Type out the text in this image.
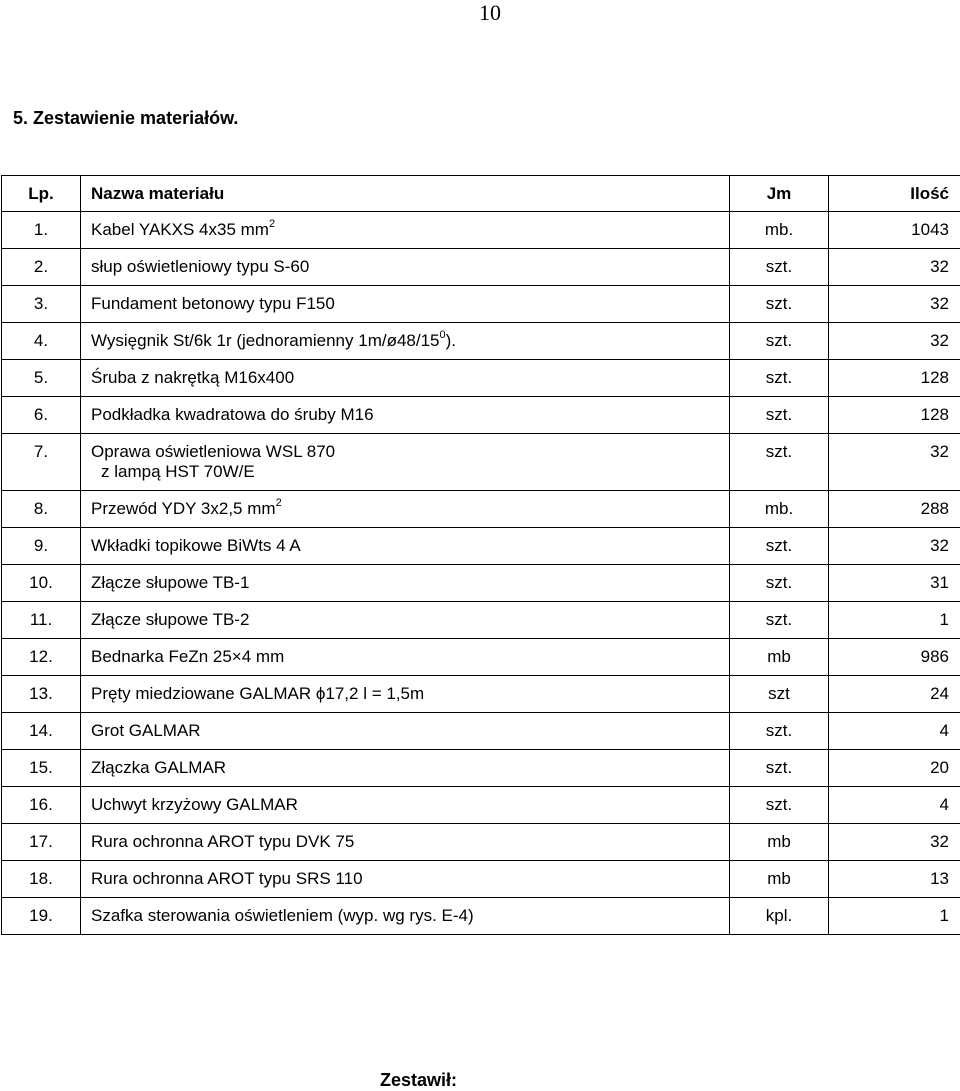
10
5. Zestawienie materiałów.
Lp.	Nazwa materiału	Jm	Ilość
1.	Kabel YAKXS 4x35 $mm^2$	mb.	1043
2.	słup oświetleniowy typu S-60	szt.	32
3.	Fundament betonowy typu F150	szt.	32
4.	Wysięgnik St/6k 1r (jednoramienny $1m/ø48/15^0$).	szt.	32
5.	Śruba z nakrętką M16x400	szt.	128
6.	Podkładka kwadratowa do śruby M16	szt.	128
7.	Oprawa oświetleniowa WSL 870
z lampą HST 70W/E	szt.	32
8.	Przewód YDY 3x2,5 $mm^2$	mb.	288
9.	Wkładki topikowe BiWts 4 A	szt.	32
10.	Złącze słupowe TB-1	szt.	31
11.	Złącze słupowe TB-2	szt.	1
12.	Bednarka FeZn 25×4 mm	mb	986
13.	Pręty miedziowane GALMAR ϕ17,2 l = 1,5m	szt	24
14.	Grot GALMAR	szt.	4
15.	Złączka GALMAR	szt.	20
16.	Uchwyt krzyżowy GALMAR	szt.	4
17.	Rura ochronna AROT typu DVK 75	mb	32
18.	Rura ochronna AROT typu SRS 110	mb	13
19.	Szafka sterowania oświetleniem (wyp. wg rys. E-4)	kpl.	1
Zestawił:
